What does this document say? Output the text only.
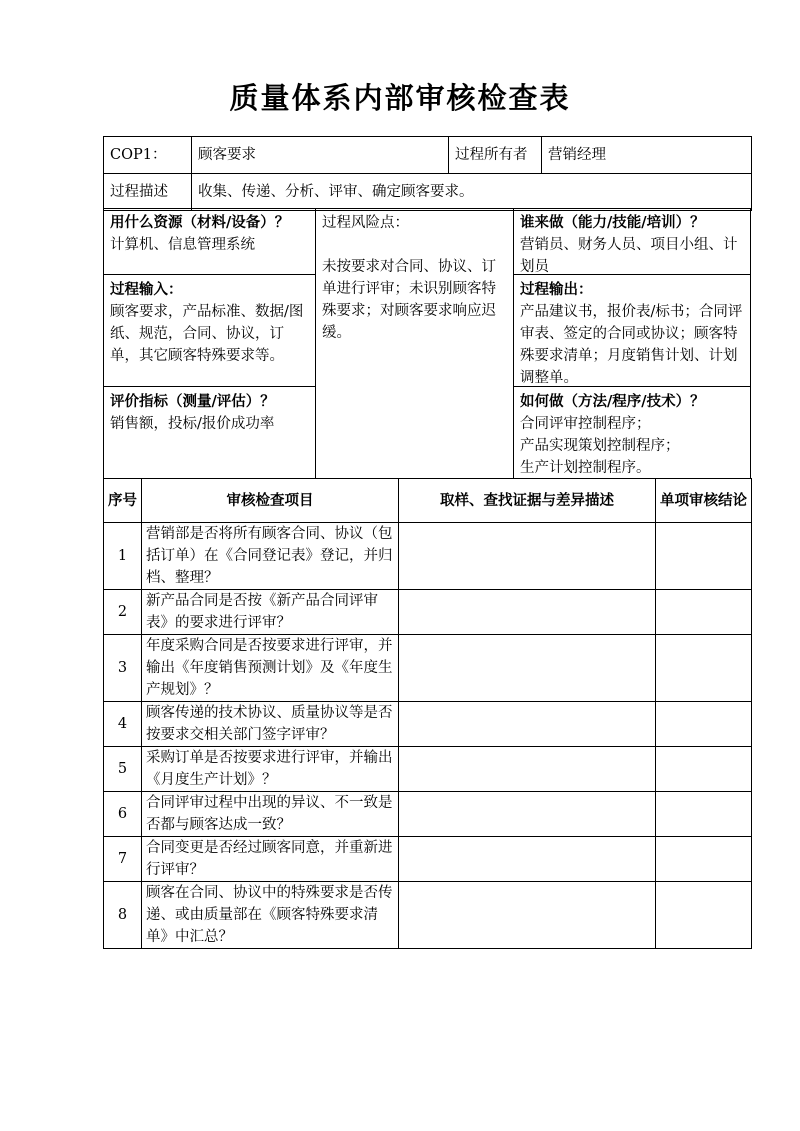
质量体系内部审核检查表
COP1：	顾客要求	过程所有者	营销经理
过程描述	收集、传递、分析、评审、确定顾客要求。		
用什么资源（材料/设备）？
计算机、信息管理系统
过程输入：
顾客要求，产品标准、数据/图纸、规范，合同、协议，订单，其它顾客特殊要求等。
评价指标（测量/评估）？
销售额，投标/报价成功率
过程风险点：
未按要求对合同、协议、订单进行评审；未识别顾客特殊要求；对顾客要求响应迟缓。
谁来做（能力/技能/培训）？
营销员、财务人员、项目小组、计划员
过程输出：
产品建议书，报价表/标书；合同评审表、签定的合同或协议；顾客特殊要求清单；月度销售计划、计划调整单。
如何做（方法/程序/技术）？
合同评审控制程序；
产品实现策划控制程序；
生产计划控制程序。
序号	审核检查项目	取样、查找证据与差异描述	单项审核结论
1	营销部是否将所有顾客合同、协议（包括订单）在《合同登记表》登记，并归档、整理？		
2	新产品合同是否按《新产品合同评审表》的要求进行评审？		
3	年度采购合同是否按要求进行评审，并输出《年度销售预测计划》及《年度生产规划》？		
4	顾客传递的技术协议、质量协议等是否按要求交相关部门签字评审？		
5	采购订单是否按要求进行评审，并输出《月度生产计划》？		
6	合同评审过程中出现的异议、不一致是否都与顾客达成一致？		
7	合同变更是否经过顾客同意，并重新进行评审？		
8	顾客在合同、协议中的特殊要求是否传递、或由质量部在《顾客特殊要求清单》中汇总？		
